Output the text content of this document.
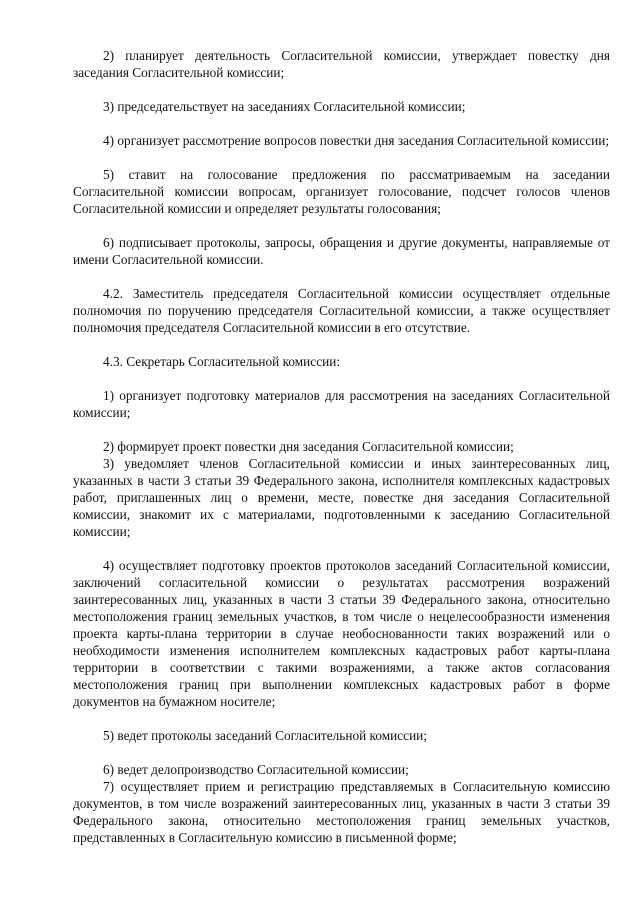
2) планирует деятельность Согласительной комиссии, утверждает повестку дня заседания Согласительной комиссии;

3) председательствует на заседаниях Согласительной комиссии;

4) организует рассмотрение вопросов повестки дня заседания Согласительной комиссии;

5) ставит на голосование предложения по рассматриваемым на заседании Согласительной комиссии вопросам, организует голосование, подсчет голосов членов Согласительной комиссии и определяет результаты голосования;

6) подписывает протоколы, запросы, обращения и другие документы, направляемые от имени Согласительной комиссии.

4.2. Заместитель председателя Согласительной комиссии осуществляет отдельные полномочия по поручению председателя Согласительной комиссии, а также осуществляет полномочия председателя Согласительной комиссии в его отсутствие.

4.3. Секретарь Согласительной комиссии:

1) организует подготовку материалов для рассмотрения на заседаниях Согласительной комиссии;

2) формирует проект повестки дня заседания Согласительной комиссии;

3) уведомляет членов Согласительной комиссии и иных заинтересованных лиц, указанных в части 3 статьи 39 Федерального закона, исполнителя комплексных кадастровых работ, приглашенных лиц о времени, месте, повестке дня заседания Согласительной комиссии, знакомит их с материалами, подготовленными к заседанию Согласительной комиссии;

4) осуществляет подготовку проектов протоколов заседаний Согласительной комиссии, заключений согласительной комиссии о результатах рассмотрения возражений заинтересованных лиц, указанных в части 3 статьи 39 Федерального закона, относительно местоположения границ земельных участков, в том числе о нецелесообразности изменения проекта карты-плана территории в случае необоснованности таких возражений или о необходимости изменения исполнителем комплексных кадастровых работ карты-плана территории в соответствии с такими возражениями, а также актов согласования местоположения границ при выполнении комплексных кадастровых работ в форме документов на бумажном носителе;

5) ведет протоколы заседаний Согласительной комиссии;

6) ведет делопроизводство Согласительной комиссии;

7) осуществляет прием и регистрацию представляемых в Согласительную комиссию документов, в том числе возражений заинтересованных лиц, указанных в части 3 статьи 39 Федерального закона, относительно местоположения границ земельных участков, представленных в Согласительную комиссию в письменной форме;
